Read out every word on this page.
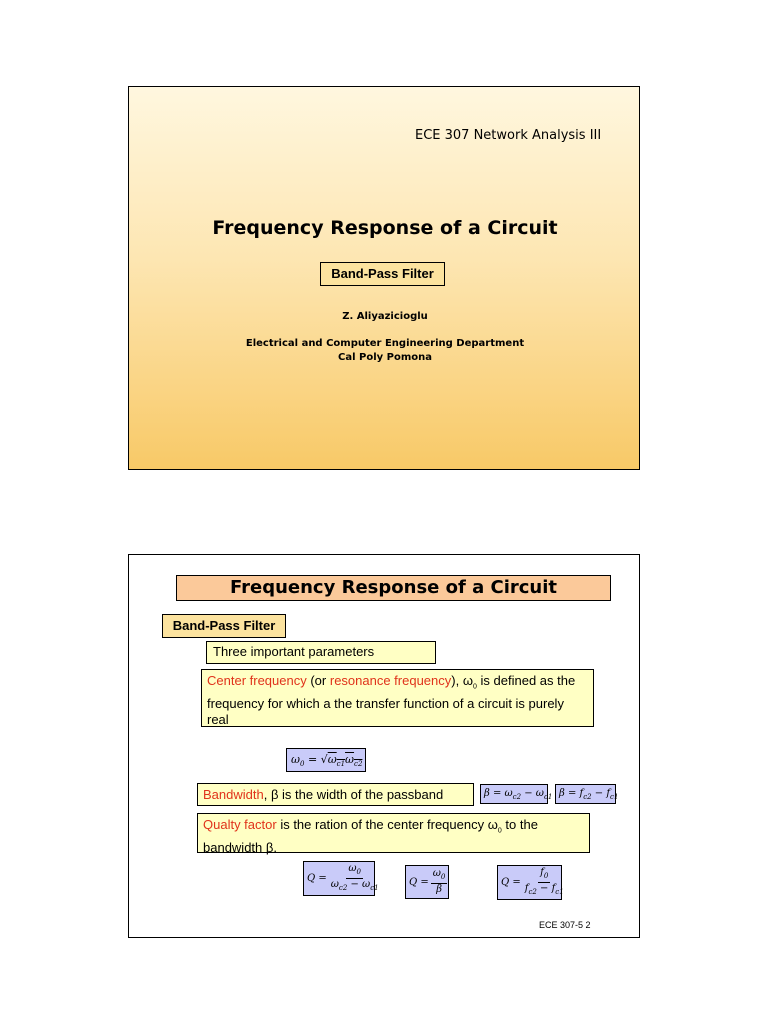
ECE 307 Network Analysis III
Frequency Response of a Circuit
Band-Pass Filter
Z. Aliyazicioglu
Electrical and Computer Engineering Department
Cal Poly Pomona
Frequency Response of a Circuit
Band-Pass Filter
Three important parameters
Center frequency (or resonance frequency), $\omega_0$ is defined as the frequency for which a the transfer function of a circuit is purely real
$\omega_0 = √\omega_{c1}\omega_{c2}$
Bandwidth, β is the width of the passband	$\beta = \omega_{c2} - \omega_{c1}$ $\beta = f_{c2} - f_{c1}$
Qualty factor is the ration of the center frequency $\omega_0$ to the bandwidth β.
$Q = \frac{\omega_0}{\omega_{c2} - \omega_{c1}}$	$Q = \frac{\omega_0}{\beta}$	$Q = \frac{f_0}{f_{c2} - f_{c1}}$
ECE 307-5 2
